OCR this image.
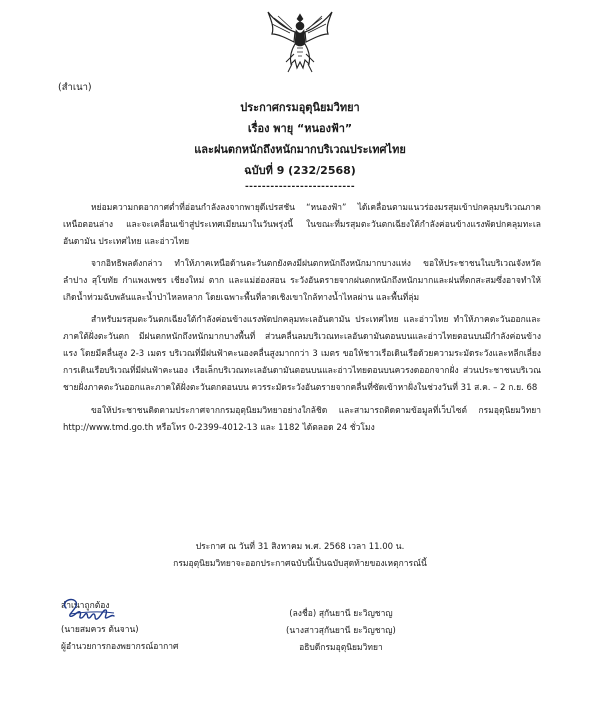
(สำเนา)
ประกาศกรมอุตุนิยมวิทยา
เรื่อง พายุ “หนองฟ้า”
และฝนตกหนักถึงหนักมากบริเวณประเทศไทย
ฉบับที่ 9 (232/2568)
--------------------------

หย่อมความกดอากาศต่ำที่อ่อนกำลังลงจากพายุดีเปรสชัน “หนองฟ้า” ได้เคลื่อนตามแนวร่องมรสุมเข้าปกคลุมบริเวณภาคเหนือตอนล่าง และจะเคลื่อนเข้าสู่ประเทศเมียนมาในวันพรุ่งนี้ ในขณะที่มรสุมตะวันตกเฉียงใต้กำลังค่อนข้างแรงพัดปกคลุมทะเลอันดามัน ประเทศไทย และอ่าวไทย

จากอิทธิพลดังกล่าว ทำให้ภาคเหนือด้านตะวันตกยังคงมีฝนตกหนักถึงหนักมากบางแห่ง ขอให้ประชาชนในบริเวณจังหวัดลำปาง สุโขทัย กำแพงเพชร เชียงใหม่ ตาก และแม่ฮ่องสอน ระวังอันตรายจากฝนตกหนักถึงหนักมากและฝนที่ตกสะสมซึ่งอาจทำให้เกิดน้ำท่วมฉับพลันและน้ำป่าไหลหลาก โดยเฉพาะพื้นที่ลาดเชิงเขาใกล้ทางน้ำไหลผ่าน และพื้นที่ลุ่ม

สำหรับมรสุมตะวันตกเฉียงใต้กำลังค่อนข้างแรงพัดปกคลุมทะเลอันดามัน ประเทศไทย และอ่าวไทย ทำให้ภาคตะวันออกและภาคใต้ฝั่งตะวันตก มีฝนตกหนักถึงหนักมากบางพื้นที่ ส่วนคลื่นลมบริเวณทะเลอันดามันตอนบนและอ่าวไทยตอนบนมีกำลังค่อนข้างแรง โดยมีคลื่นสูง 2-3 เมตร บริเวณที่มีฝนฟ้าคะนองคลื่นสูงมากกว่า 3 เมตร ขอให้ชาวเรือเดินเรือด้วยความระมัดระวังและหลีกเลี่ยงการเดินเรือบริเวณที่มีฝนฟ้าคะนอง เรือเล็กบริเวณทะเลอันดามันตอนบนและอ่าวไทยตอนบนควรงดออกจากฝั่ง ส่วนประชาชนบริเวณชายฝั่งภาคตะวันออกและภาคใต้ฝั่งตะวันตกตอนบน ควรระมัดระวังอันตรายจากคลื่นที่ซัดเข้าหาฝั่งในช่วงวันที่ 31 ส.ค. – 2 ก.ย. 68

ขอให้ประชาชนติดตามประกาศจากกรมอุตุนิยมวิทยาอย่างใกล้ชิด และสามารถติดตามข้อมูลที่เว็บไซต์ กรมอุตุนิยมวิทยา http://www.tmd.go.th หรือโทร 0-2399-4012-13 และ 1182 ได้ตลอด 24 ชั่วโมง

ประกาศ ณ วันที่ 31 สิงหาคม พ.ศ. 2568 เวลา 11.00 น.
กรมอุตุนิยมวิทยาจะออกประกาศฉบับนี้เป็นฉบับสุดท้ายของเหตุการณ์นี้
(ลงชื่อ) สุกันยานี ยะวิญชาญ
(นางสาวสุกันยานี ยะวิญชาญ)
อธิบดีกรมอุตุนิยมวิทยา
สำเนาถูกต้อง
(นายสมควร ต้นจาน)
ผู้อำนวยการกองพยากรณ์อากาศ
